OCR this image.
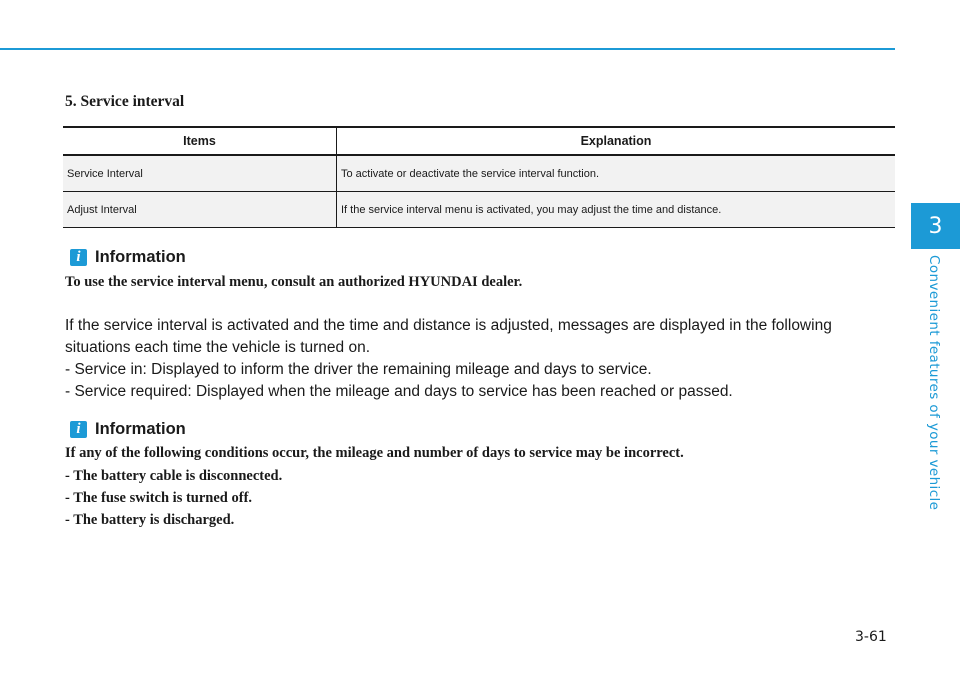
3
Convenient features of your vehicle
5. Service interval
Items	Explanation
Service Interval	To activate or deactivate the service interval function.
Adjust Interval	If the service interval menu is activated, you may adjust the time and distance.
i Information

To use the service interval menu, consult an authorized HYUNDAI dealer.

If the service interval is activated and the time and distance is adjusted, messages are displayed in the following
situations each time the vehicle is turned on.
- Service in: Displayed to inform the driver the remaining mileage and days to service.
- Service required: Displayed when the mileage and days to service has been reached or passed.
i Information

If any of the following conditions occur, the mileage and number of days to service may be incorrect.

- The battery cable is disconnected.

- The fuse switch is turned off.

- The battery is discharged.

3-61
